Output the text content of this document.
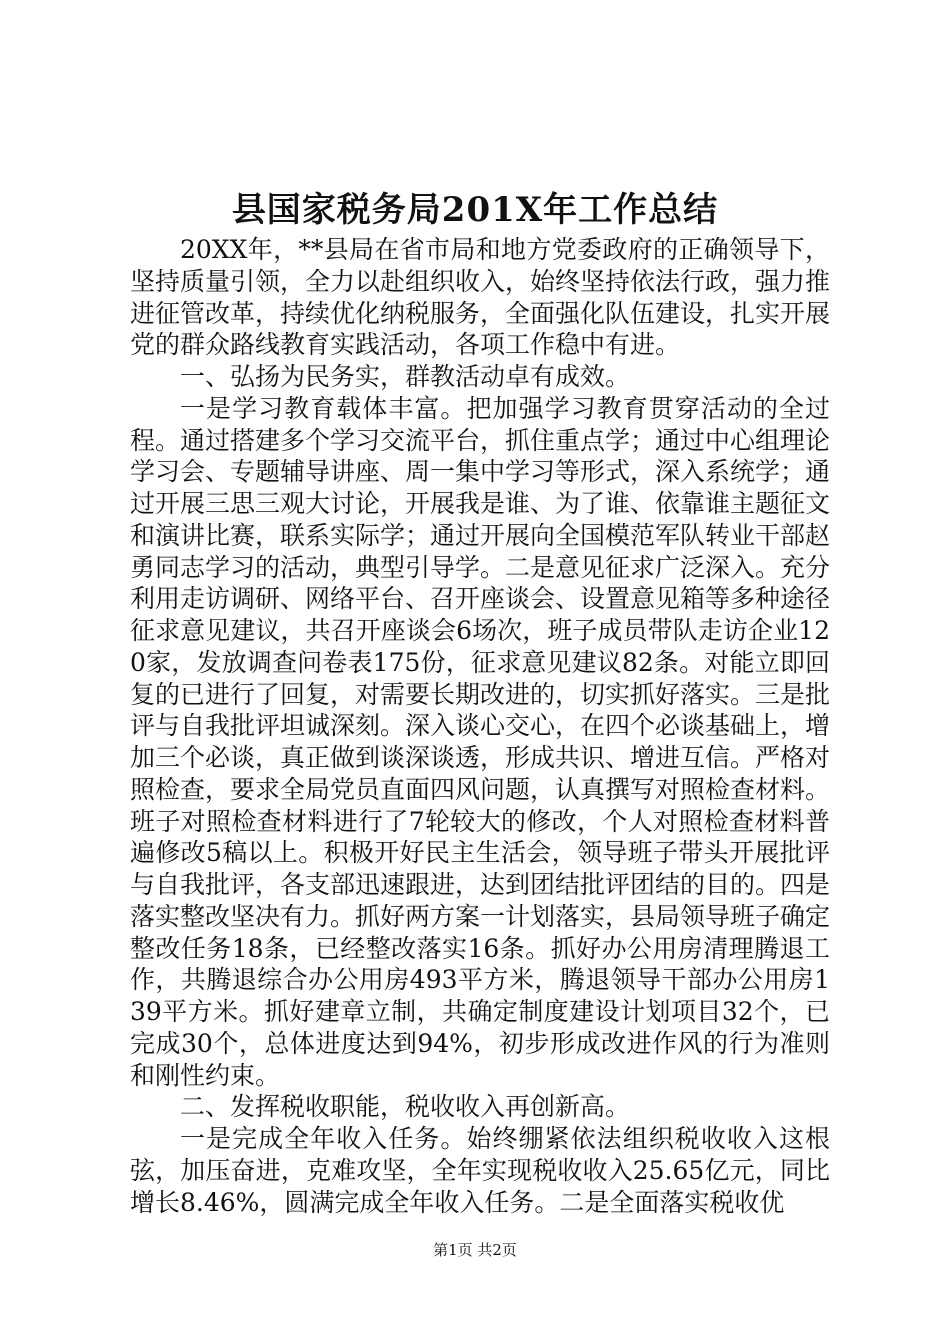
县国家税务局201X年工作总结

20XX年，**县局在省市局和地方党委政府的正确领导下，坚持质量引领，全力以赴组织收入，始终坚持依法行政，强力推进征管改革，持续优化纳税服务，全面强化队伍建设，扎实开展党的群众路线教育实践活动，各项工作稳中有进。

一、弘扬为民务实，群教活动卓有成效。

一是学习教育载体丰富。把加强学习教育贯穿活动的全过程。通过搭建多个学习交流平台，抓住重点学；通过中心组理论学习会、专题辅导讲座、周一集中学习等形式，深入系统学；通过开展三思三观大讨论，开展我是谁、为了谁、依靠谁主题征文和演讲比赛，联系实际学；通过开展向全国模范军队转业干部赵勇同志学习的活动，典型引导学。二是意见征求广泛深入。充分利用走访调研、网络平台、召开座谈会、设置意见箱等多种途径征求意见建议，共召开座谈会6场次，班子成员带队走访企业120家，发放调查问卷表175份，征求意见建议82条。对能立即回复的已进行了回复，对需要长期改进的，切实抓好落实。三是批评与自我批评坦诚深刻。深入谈心交心，在四个必谈基础上，增加三个必谈，真正做到谈深谈透，形成共识、增进互信。严格对照检查，要求全局党员直面四风问题，认真撰写对照检查材料。班子对照检查材料进行了7轮较大的修改，个人对照检查材料普遍修改5稿以上。积极开好民主生活会，领导班子带头开展批评与自我批评，各支部迅速跟进，达到团结批评团结的目的。四是落实整改坚决有力。抓好两方案一计划落实，县局领导班子确定整改任务18条，已经整改落实16条。抓好办公用房清理腾退工作，共腾退综合办公用房493平方米，腾退领导干部办公用房139平方米。抓好建章立制，共确定制度建设计划项目32个，已完成30个，总体进度达到94%，初步形成改进作风的行为准则和刚性约束。

二、发挥税收职能，税收收入再创新高。

一是完成全年收入任务。始终绷紧依法组织税收收入这根弦，加压奋进，克难攻坚，全年实现税收收入25.65亿元，同比增长8.46%，圆满完成全年收入任务。二是全面落实税收优

第1页 共2页
